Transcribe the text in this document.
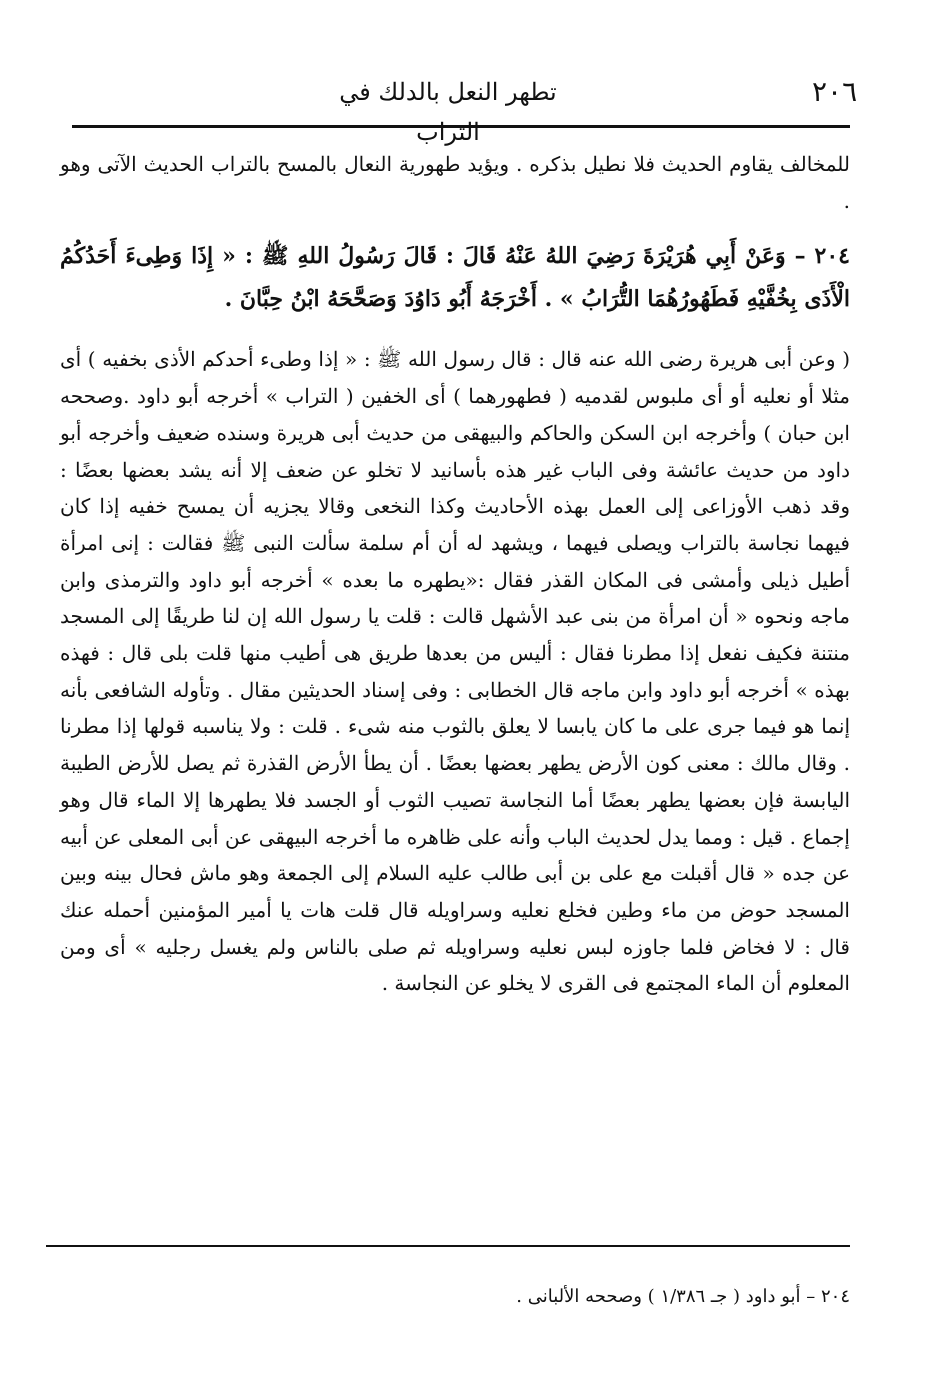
٢٠٦
تطهر النعل بالدلك في التراب

للمخالف يقاوم الحديث فلا نطيل بذكره . ويؤيد طهورية النعال بالمسح بالتراب الحديث الآتى وهو .

٢٠٤ – وَعَنْ أَبِي هُرَيْرَةَ رَضِيَ اللهُ عَنْهُ قَالَ : قَالَ رَسُولُ اللهِ ﷺ : « إِذَا وَطِىءَ أَحَدُكُمُ الْأَذَى بِخُفَّيْهِ فَطَهُورُهُمَا التُّرَابُ » . أَخْرَجَهُ أَبُو دَاوُدَ وَصَحَّحَهُ ابْنُ حِبَّانَ .

( وعن أبى هريرة رضى الله عنه قال : قال رسول الله ﷺ : « إذا وطىء أحدكم الأذى بخفيه ) أى مثلا أو نعليه أو أى ملبوس لقدميه ( فطهورهما ) أى الخفين ( التراب » أخرجه أبو داود .وصححه ابن حبان ) وأخرجه ابن السكن والحاكم والبيهقى من حديث أبى هريرة وسنده ضعيف وأخرجه أبو داود من حديث عائشة وفى الباب غير هذه بأسانيد لا تخلو عن ضعف إلا أنه يشد بعضها بعضًا : وقد ذهب الأوزاعى إلى العمل بهذه الأحاديث وكذا النخعى وقالا يجزيه أن يمسح خفيه إذا كان فيهما نجاسة بالتراب ويصلى فيهما ، ويشهد له أن أم سلمة سألت النبى ﷺ فقالت : إنى امرأة أطيل ذيلى وأمشى فى المكان القذر فقال :«يطهره ما بعده » أخرجه أبو داود والترمذى وابن ماجه ونحوه « أن امرأة من بنى عبد الأشهل قالت : قلت يا رسول الله إن لنا طريقًا إلى المسجد منتنة فكيف نفعل إذا مطرنا فقال : أليس من بعدها طريق هى أطيب منها قلت بلى قال : فهذه بهذه » أخرجه أبو داود وابن ماجه قال الخطابى : وفى إسناد الحديثين مقال . وتأوله الشافعى بأنه إنما هو فيما جرى على ما كان يابسا لا يعلق بالثوب منه شىء . قلت : ولا يناسبه قولها إذا مطرنا . وقال مالك : معنى كون الأرض يطهر بعضها بعضًا . أن يطأ الأرض القذرة ثم يصل للأرض الطيبة اليابسة فإن بعضها يطهر بعضًا أما النجاسة تصيب الثوب أو الجسد فلا يطهرها إلا الماء قال وهو إجماع . قيل : ومما يدل لحديث الباب وأنه على ظاهره ما أخرجه البيهقى عن أبى المعلى عن أبيه عن جده « قال أقبلت مع على بن أبى طالب عليه السلام إلى الجمعة وهو ماش فحال بينه وبين المسجد حوض من ماء وطين فخلع نعليه وسراويله قال قلت هات يا أمير المؤمنين أحمله عنك قال : لا فخاض فلما جاوزه لبس نعليه وسراويله ثم صلى بالناس ولم يغسل رجليه » أى ومن المعلوم أن الماء المجتمع فى القرى لا يخلو عن النجاسة .

٢٠٤ – أبو داود ( جـ ١/٣٨٦ ) وصححه الألبانى .
